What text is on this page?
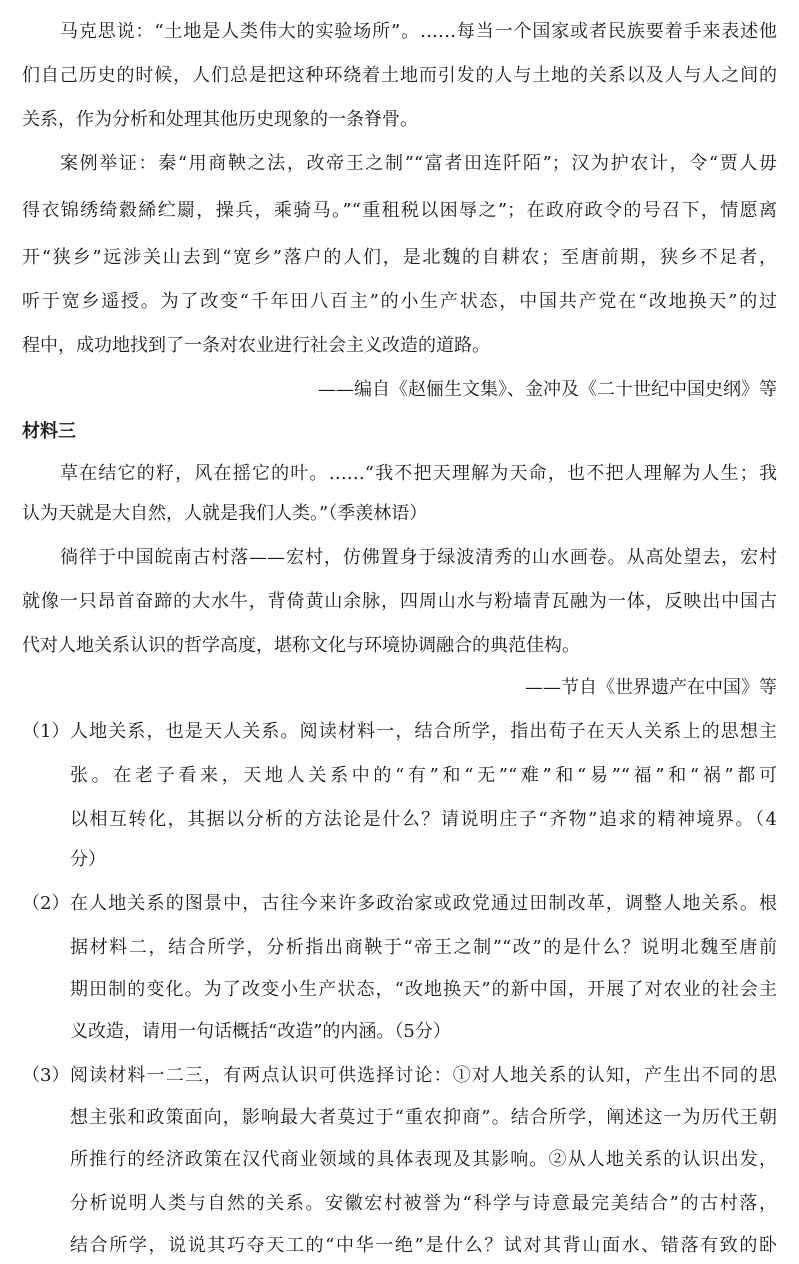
马克思说：“土地是人类伟大的实验场所”。……每当一个国家或者民族要着手来表述他
们自己历史的时候，人们总是把这种环绕着土地而引发的人与土地的关系以及人与人之间的
关系，作为分析和处理其他历史现象的一条脊骨。
案例举证：秦“用商鞅之法，改帝王之制”“富者田连阡陌”；汉为护农计，令“贾人毋
得衣锦绣绮縠絺纻罽，操兵，乘骑马。”“重租税以困辱之”；在政府政令的号召下，情愿离
开“狭乡”远涉关山去到“宽乡”落户的人们，是北魏的自耕农；至唐前期，狭乡不足者，
听于宽乡遥授。为了改变“千年田八百主”的小生产状态，中国共产党在“改地换天”的过
程中，成功地找到了一条对农业进行社会主义改造的道路。
——编自《赵俪生文集》、金冲及《二十世纪中国史纲》等
材料三
草在结它的籽，风在摇它的叶。……“我不把天理解为天命，也不把人理解为人生；我
认为天就是大自然，人就是我们人类。”（季羡林语）
徜徉于中国皖南古村落——宏村，仿佛置身于绿波清秀的山水画卷。从高处望去，宏村
就像一只昂首奋蹄的大水牛，背倚黄山余脉，四周山水与粉墙青瓦融为一体，反映出中国古
代对人地关系认识的哲学高度，堪称文化与环境协调融合的典范佳构。
——节自《世界遗产在中国》等
（1） 人地关系，也是天人关系。阅读材料一，结合所学，指出荀子在天人关系上的思想主
张。在老子看来，天地人关系中的“有”和“无”“难”和“易”“福”和“祸”都可
以相互转化，其据以分析的方法论是什么？请说明庄子“齐物”追求的精神境界。（4
分）
（2） 在人地关系的图景中，古往今来许多政治家或政党通过田制改革，调整人地关系。根
据材料二，结合所学，分析指出商鞅于“帝王之制”“改”的是什么？说明北魏至唐前
期田制的变化。为了改变小生产状态，“改地换天”的新中国，开展了对农业的社会主
义改造，请用一句话概括“改造”的内涵。（5分）
（3） 阅读材料一二三，有两点认识可供选择讨论：①对人地关系的认知，产生出不同的思
想主张和政策面向，影响最大者莫过于“重农抑商”。结合所学，阐述这一为历代王朝
所推行的经济政策在汉代商业领域的具体表现及其影响。②从人地关系的认识出发，
分析说明人类与自然的关系。安徽宏村被誉为“科学与诗意最完美结合”的古村落，
结合所学，说说其巧夺天工的“中华一绝”是什么？试对其背山面水、错落有致的卧
